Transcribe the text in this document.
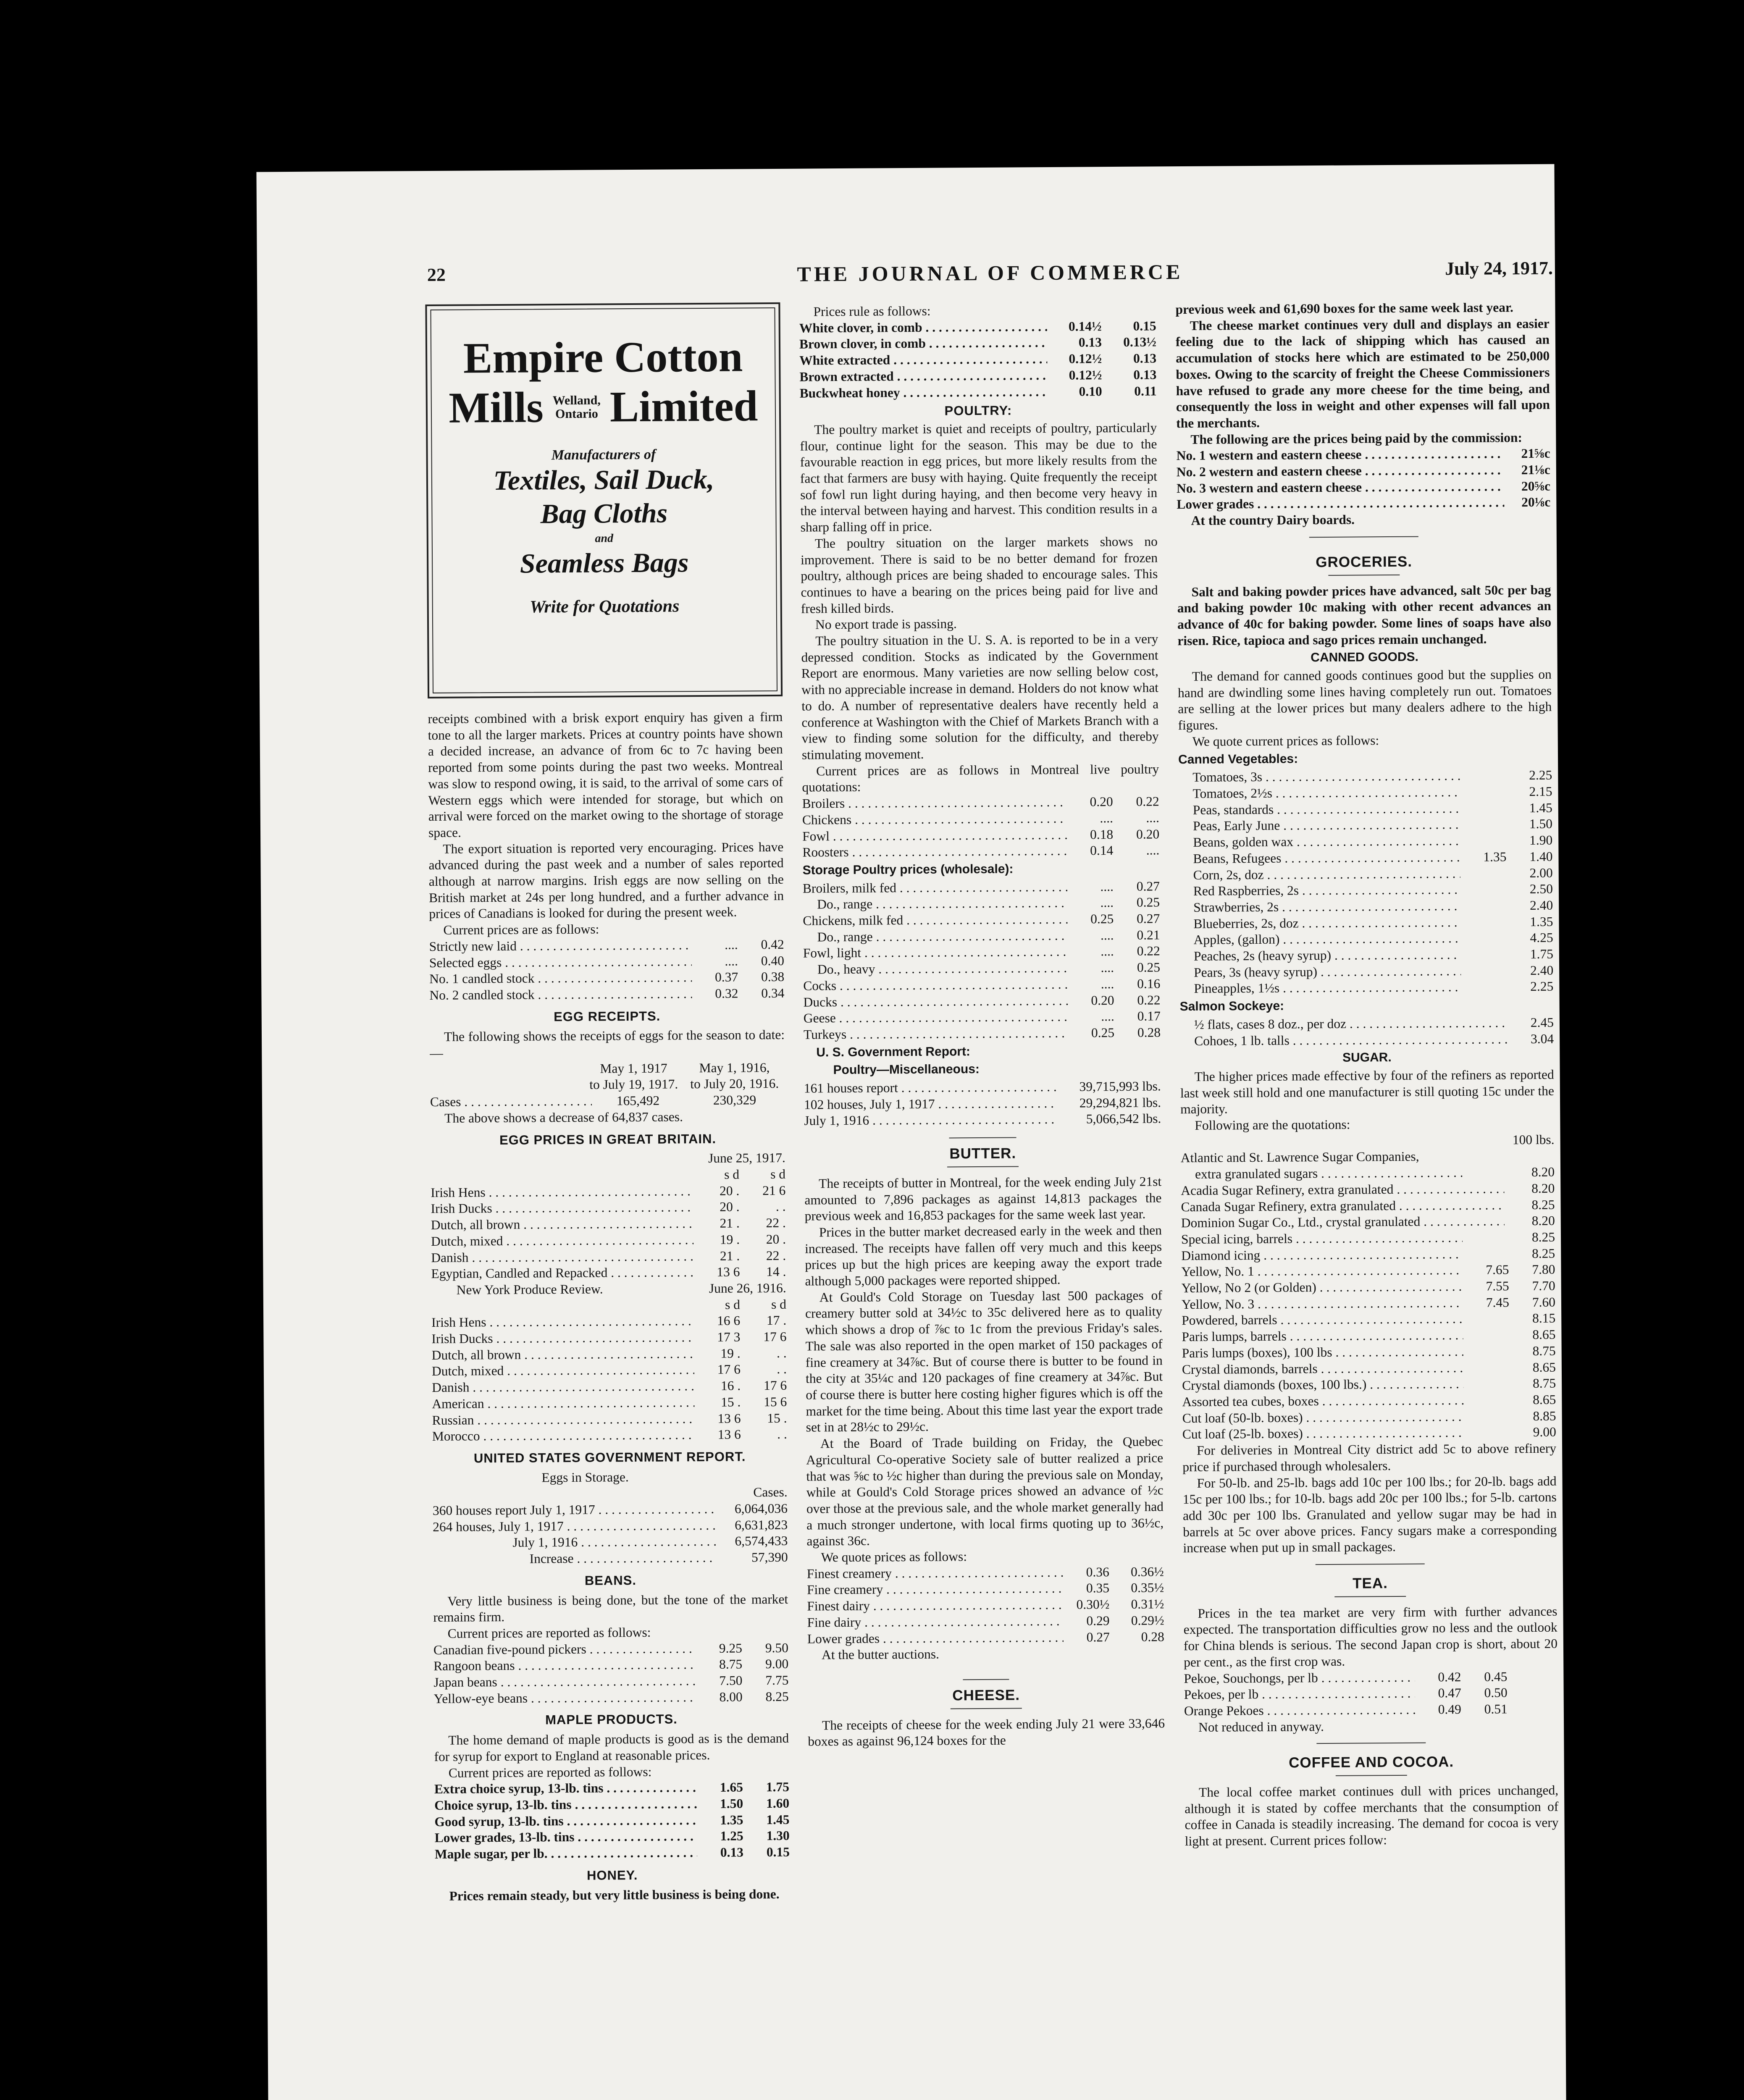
22	THE JOURNAL OF COMMERCE	July 24, 1917.
Empire Cotton
Mills Welland,
Ontario Limited
Manufacturers of
Textiles, Sail Duck,
Bag Cloths
and
Seamless Bags
Write for Quotations

receipts combined with a brisk export enquiry has given a firm tone to all the larger markets. Prices at country points have shown a decided increase, an advance of from 6c to 7c having been reported from some points during the past two weeks. Montreal was slow to respond owing, it is said, to the arrival of some cars of Western eggs which were intended for storage, but which on arrival were forced on the market owing to the shortage of storage space.

The export situation is reported very encouraging. Prices have advanced during the past week and a number of sales reported although at narrow margins. Irish eggs are now selling on the British market at 24s per long hundred, and a further advance in prices of Canadians is looked for during the present week.

Current prices are as follows:

Strictly new laid . . .	....	0.42
Selected eggs . . .	....	0.40
No. 1 candled stock . . .	0.37	0.38
No. 2 candled stock . . .	0.32	0.34
EGG RECEIPTS.

The following shows the receipts of eggs for the season to date:—

May 1, 1917	May 1, 1916,
to July 19, 1917. to July 20, 1916.
Cases . . .	165,492	230,329

The above shows a decrease of 64,837 cases.

EGG PRICES IN GREAT BRITAIN.
June 25, 1917.
s d	s d
Irish Hens . . .	20 .	21 6
Irish Ducks . . .	20 .	. .
Dutch, all brown . . .	21 .	22 .
Dutch, mixed . . .	19 .	20 .
Danish . . .	21 .	22 .
Egyptian, Candled and Repacked . . .	13 6	14 .
New York Produce Review.	June 26, 1916.
s d	s d
Irish Hens . . .	16 6	17 .
Irish Ducks . . .	17 3	17 6
Dutch, all brown . . .	19 .	. .
Dutch, mixed . . .	17 6	. .
Danish . . .	16 .	17 6
American . . .	15 .	15 6
Russian . . .	13 6	15 .
Morocco . . .	13 6	. .
UNITED STATES GOVERNMENT REPORT.
Eggs in Storage.
Cases.
360 houses report July 1, 1917 . . .	6,064,036
264 houses, July 1, 1917 . . .	6,631,823
July 1, 1916 . . .	6,574,433
Increase . . .	57,390
BEANS.

Very little business is being done, but the tone of the market remains firm.

Current prices are reported as follows:

Canadian five-pound pickers . . .	9.25	9.50
Rangoon beans . . .	8.75	9.00
Japan beans . . .	7.50	7.75
Yellow-eye beans . . .	8.00	8.25
MAPLE PRODUCTS.

The home demand of maple products is good as is the demand for syrup for export to England at reasonable prices.

Current prices are reported as follows:

Extra choice syrup, 13-lb. tins . . .	1.65	1.75
Choice syrup, 13-lb. tins . . .	1.50	1.60
Good syrup, 13-lb. tins . . .	1.35	1.45
Lower grades, 13-lb. tins . . .	1.25	1.30
Maple sugar, per lb. . . .	0.13	0.15
HONEY.

Prices remain steady, but very little business is being done.

Prices rule as follows:

White clover, in comb . . .	0.14½	0.15
Brown clover, in comb . . .	0.13	0.13½
White extracted . . .	0.12½	0.13
Brown extracted . . .	0.12½	0.13
Buckwheat honey . . .	0.10	0.11
POULTRY:

The poultry market is quiet and receipts of poultry, particularly flour, continue light for the season. This may be due to the favourable reaction in egg prices, but more likely results from the fact that farmers are busy with haying. Quite frequently the receipt sof fowl run light during haying, and then become very heavy in the interval between haying and harvest. This condition results in a sharp falling off in price.

The poultry situation on the larger markets shows no improvement. There is said to be no better demand for frozen poultry, although prices are being shaded to encourage sales. This continues to have a bearing on the prices being paid for live and fresh killed birds.

No export trade is passing.

The poultry situation in the U. S. A. is reported to be in a very depressed condition. Stocks as indicated by the Government Report are enormous. Many varieties are now selling below cost, with no appreciable increase in demand. Holders do not know what to do. A number of representative dealers have recently held a conference at Washington with the Chief of Markets Branch with a view to finding some solution for the difficulty, and thereby stimulating movement.

Current prices are as follows in Montreal live poultry quotations:

Broilers . . .	0.20	0.22
Chickens . . .	....	....
Fowl . . .	0.18	0.20
Roosters . . .	0.14	....
Storage Poultry prices (wholesale):
Broilers, milk fed . . .	....	0.27
Do., range . . .	....	0.25
Chickens, milk fed . . .	0.25	0.27
Do., range . . .	....	0.21
Fowl, light . . .	....	0.22
Do., heavy . . .	....	0.25
Cocks . . .	....	0.16
Ducks . . .	0.20	0.22
Geese . . .	....	0.17
Turkeys . . .	0.25	0.28
U. S. Government Report:
Poultry—Miscellaneous:
161 houses report . . .	39,715,993 lbs.
102 houses, July 1, 1917 . . .	29,294,821 lbs.
July 1, 1916 . . .	5,066,542 lbs.
BUTTER.

The receipts of butter in Montreal, for the week ending July 21st amounted to 7,896 packages as against 14,813 packages the previous week and 16,853 packages for the same week last year.

Prices in the butter market decreased early in the week and then increased. The receipts have fallen off very much and this keeps prices up but the high prices are keeping away the export trade although 5,000 packages were reported shipped.

At Gould's Cold Storage on Tuesday last 500 packages of creamery butter sold at 34½c to 35c delivered here as to quality which shows a drop of ⅞c to 1c from the previous Friday's sales. The sale was also reported in the open market of 150 packages of fine creamery at 34⅞c. But of course there is butter to be found in the city at 35¼c and 120 packages of fine creamery at 34⅞c. But of course there is butter here costing higher figures which is off the market for the time being. About this time last year the export trade set in at 28½c to 29½c.

At the Board of Trade building on Friday, the Quebec Agricultural Co-operative Society sale of butter realized a price that was ⅝c to ½c higher than during the previous sale on Monday, while at Gould's Cold Storage prices showed an advance of ½c over those at the previous sale, and the whole market generally had a much stronger undertone, with local firms quoting up to 36½c, against 36c.

We quote prices as follows:

Finest creamery . . .	0.36	0.36½
Fine creamery . . .	0.35	0.35½
Finest dairy . . .	0.30½	0.31½
Fine dairy . . .	0.29	0.29½
Lower grades . . .	0.27	0.28

At the butter auctions.

CHEESE.

The receipts of cheese for the week ending July 21 were 33,646 boxes as against 96,124 boxes for the

previous week and 61,690 boxes for the same week last year.

The cheese market continues very dull and displays an easier feeling due to the lack of shipping which has caused an accumulation of stocks here which are estimated to be 250,000 boxes. Owing to the scarcity of freight the Cheese Commissioners have refused to grade any more cheese for the time being, and consequently the loss in weight and other expenses will fall upon the merchants.

The following are the prices being paid by the commission:

No. 1 western and eastern cheese . . .	21⅝c
No. 2 western and eastern cheese . . .	21⅛c
No. 3 western and eastern cheese . . .	20⅝c
Lower grades . . .	20⅛c

At the country Dairy boards.

GROCERIES.

Salt and baking powder prices have advanced, salt 50c per bag and baking powder 10c making with other recent advances an advance of 40c for baking powder. Some lines of soaps have also risen. Rice, tapioca and sago prices remain unchanged.

CANNED GOODS.

The demand for canned goods continues good but the supplies on hand are dwindling some lines having completely run out. Tomatoes are selling at the lower prices but many dealers adhere to the high figures.

We quote current prices as follows:

Canned Vegetables:
Tomatoes, 3s . . .	2.25
Tomatoes, 2½s . . .	2.15
Peas, standards . . .	1.45
Peas, Early June . . .	1.50
Beans, golden wax . . .	1.90
Beans, Refugees . . .	1.35	1.40
Corn, 2s, doz . . .	2.00
Red Raspberries, 2s . . .	2.50
Strawberries, 2s . . .	2.40
Blueberries, 2s, doz . . .	1.35
Apples, (gallon) . . .	4.25
Peaches, 2s (heavy syrup) . . .	1.75
Pears, 3s (heavy syrup) . . .	2.40
Pineapples, 1½s . . .	2.25
Salmon Sockeye:
½ flats, cases 8 doz., per doz . . .	2.45
Cohoes, 1 lb. talls . . .	3.04
SUGAR.

The higher prices made effective by four of the refiners as reported last week still hold and one manufacturer is still quoting 15c under the majority.

Following are the quotations:

100 lbs.
Atlantic and St. Lawrence Sugar Companies,
extra granulated sugars . . .	8.20
Acadia Sugar Refinery, extra granulated . . .	8.20
Canada Sugar Refinery, extra granulated . . .	8.25
Dominion Sugar Co., Ltd., crystal granulated . . .	8.20
Special icing, barrels . . .	8.25
Diamond icing . . .	8.25
Yellow, No. 1 . . .	7.65	7.80
Yellow, No 2 (or Golden) . . .	7.55	7.70
Yellow, No. 3 . . .	7.45	7.60
Powdered, barrels . . .	8.15
Paris lumps, barrels . . .	8.65
Paris lumps (boxes), 100 lbs . . .	8.75
Crystal diamonds, barrels . . .	8.65
Crystal diamonds (boxes, 100 lbs.) . . .	8.75
Assorted tea cubes, boxes . . .	8.65
Cut loaf (50-lb. boxes) . . .	8.85
Cut loaf (25-lb. boxes) . . .	9.00

For deliveries in Montreal City district add 5c to above refinery price if purchased through wholesalers.

For 50-lb. and 25-lb. bags add 10c per 100 lbs.; for 20-lb. bags add 15c per 100 lbs.; for 10-lb. bags add 20c per 100 lbs.; for 5-lb. cartons add 30c per 100 lbs. Granulated and yellow sugar may be had in barrels at 5c over above prices. Fancy sugars make a corresponding increase when put up in small packages.

TEA.

Prices in the tea market are very firm with further advances expected. The transportation difficulties grow no less and the outlook for China blends is serious. The second Japan crop is short, about 20 per cent., as the first crop was.

Pekoe, Souchongs, per lb . . .	0.42	0.45
Pekoes, per lb . . .	0.47	0.50
Orange Pekoes . . .	0.49	0.51

Not reduced in anyway.

COFFEE AND COCOA.

The local coffee market continues dull with prices unchanged, although it is stated by coffee merchants that the consumption of coffee in Canada is steadily increasing. The demand for cocoa is very light at present. Current prices follow:
